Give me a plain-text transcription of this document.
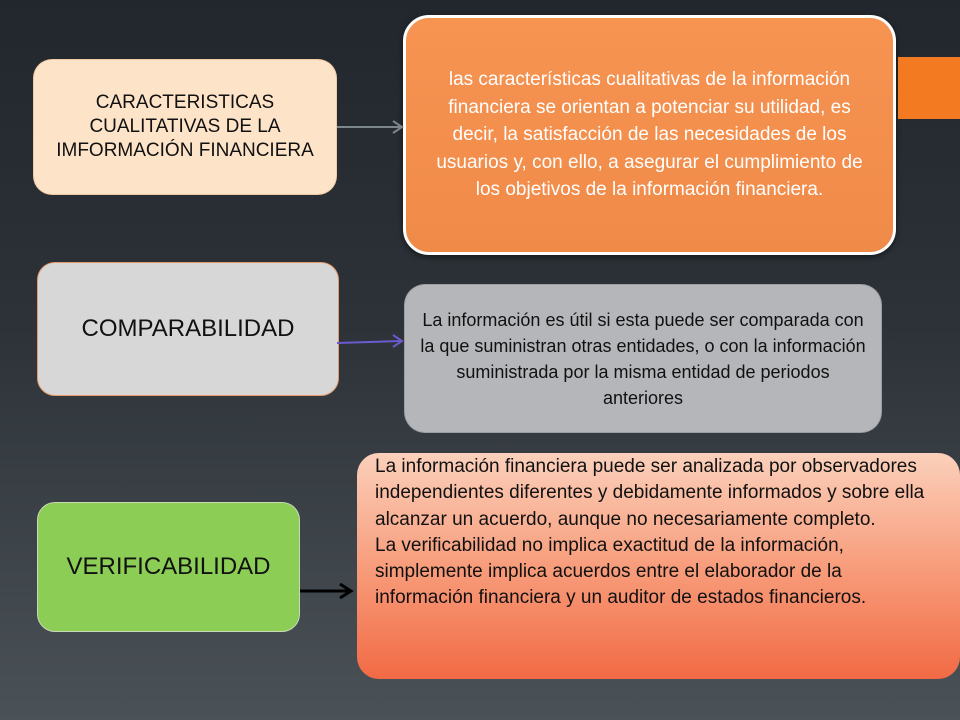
CARACTERISTICAS CUALITATIVAS DE LA IMFORMACIÓN FINANCIERA
las características cualitativas de la información financiera se orientan a potenciar su utilidad, es decir, la satisfacción de las necesidades de los usuarios y, con ello, a asegurar el cumplimiento de los objetivos de la información financiera.
COMPARABILIDAD	La información es útil si esta puede ser comparada con la que suministran otras entidades, o con la información suministrada por la misma entidad de periodos anteriores
VERIFICABILIDAD
La información financiera puede ser analizada por observadores independientes diferentes y debidamente informados y sobre ella alcanzar un acuerdo, aunque no necesariamente completo.
La verificabilidad no implica exactitud de la información, simplemente implica acuerdos entre el elaborador de la información financiera y un auditor de estados financieros.
